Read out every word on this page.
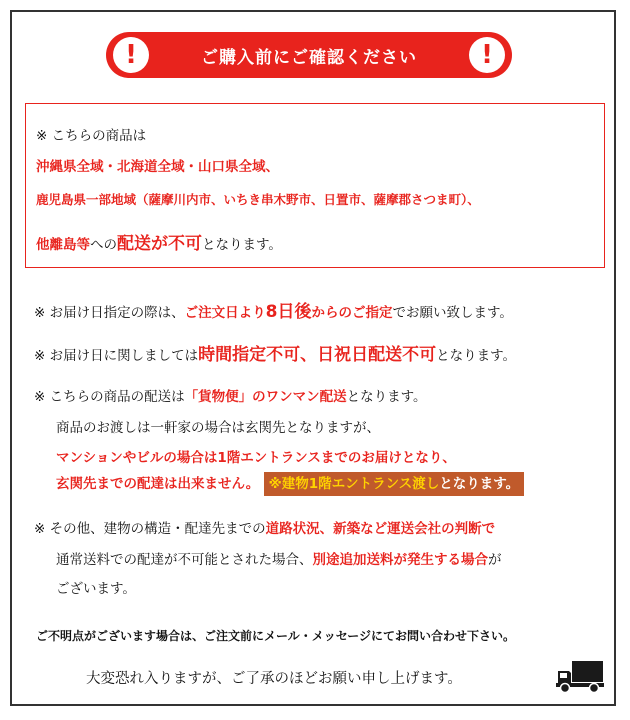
!	ご購入前にご確認ください	!
※ こちらの商品は
沖縄県全域・北海道全域・山口県全域、
鹿児島県一部地域（薩摩川内市、いちき串木野市、日置市、薩摩郡さつま町）、
他離島等への配送が不可となります。
※ お届け日指定の際は、ご注文日より8日後からのご指定でお願い致します。
※ お届け日に関しましては時間指定不可、日祝日配送不可となります。
※ こちらの商品の配送は「貨物便」のワンマン配送となります。
商品のお渡しは一軒家の場合は玄関先となりますが、
マンションやビルの場合は1階エントランスまでのお届けとなり、
玄関先までの配達は出来ません。 ※建物1階エントランス渡しとなります。
※ その他、建物の構造・配達先までの道路状況、新築など運送会社の判断で
通常送料での配達が不可能とされた場合、別途追加送料が発生する場合が
ございます。
ご不明点がございます場合は、ご注文前にメール・メッセージにてお問い合わせ下さい。
大変恐れ入りますが、ご了承のほどお願い申し上げます。
